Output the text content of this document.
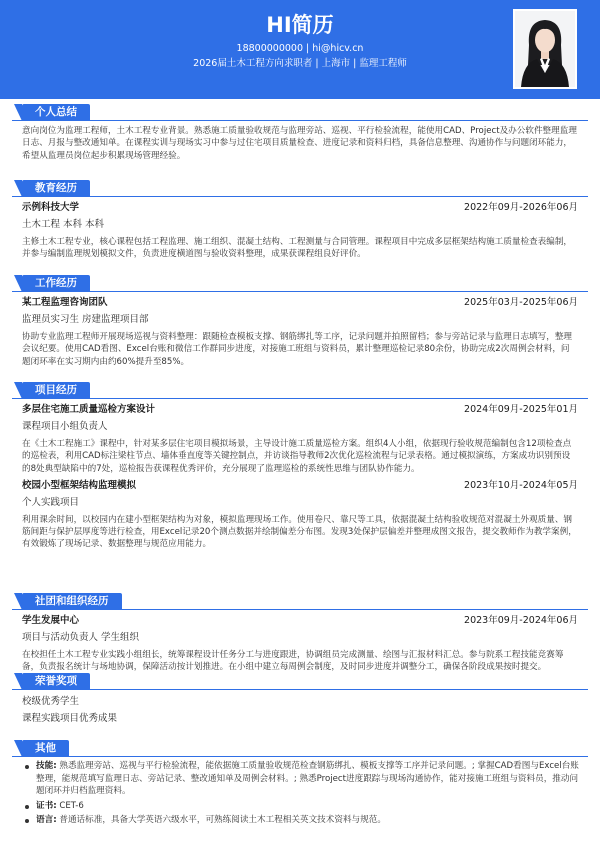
HI简历
18800000000 | hi@hicv.cn
2026届土木工程方向求职者 | 上海市 | 监理工程师
个人总结
意向岗位为监理工程师，土木工程专业背景。熟悉施工质量验收规范与监理旁站、巡视、平行检验流程，能使用CAD、Project及办公软件整理监理日志、月报与整改通知单。在课程实训与现场实习中参与过住宅项目质量检查、进度记录和资料归档，具备信息整理、沟通协作与问题闭环能力，希望从监理员岗位起步积累现场管理经验。
教育经历
示例科技大学	2022年09月-2026年06月
土木工程 本科 本科
主修土木工程专业，核心课程包括工程监理、施工组织、混凝土结构、工程测量与合同管理。课程项目中完成多层框架结构施工质量检查表编制，并参与编制监理规划模拟文件，负责进度横道图与验收资料整理，成果获课程组良好评价。
工作经历
某工程监理咨询团队	2025年03月-2025年06月
监理员实习生 房建监理项目部
协助专业监理工程师开展现场巡视与资料整理：跟随检查模板支撑、钢筋绑扎等工序，记录问题并拍照留档；参与旁站记录与监理日志填写，整理会议纪要。使用CAD看图、Excel台账和微信工作群同步进度，对接施工班组与资料员，累计整理巡检记录80余份，协助完成2次周例会材料，问题闭环率在实习期内由约60%提升至85%。
项目经历
多层住宅施工质量巡检方案设计	2024年09月-2025年01月
课程项目小组负责人
在《土木工程施工》课程中，针对某多层住宅项目模拟场景，主导设计施工质量巡检方案。组织4人小组，依据现行验收规范编制包含12项检查点的巡检表，利用CAD标注梁柱节点、墙体垂直度等关键控制点，并访谈指导教师2次优化巡检流程与记录表格。通过模拟演练，方案成功识别预设的8处典型缺陷中的7处，巡检报告获课程优秀评价，充分展现了监理巡检的系统性思维与团队协作能力。
校园小型框架结构监理模拟	2023年10月-2024年05月
个人实践项目
利用课余时间，以校园内在建小型框架结构为对象，模拟监理现场工作。使用卷尺、靠尺等工具，依据混凝土结构验收规范对混凝土外观质量、钢筋间距与保护层厚度等进行检查，用Excel记录20个测点数据并绘制偏差分布图。发现3处保护层偏差并整理成图文报告，提交教师作为教学案例，有效锻炼了现场记录、数据整理与规范应用能力。
社团和组织经历
学生发展中心	2023年09月-2024年06月
项目与活动负责人 学生组织
在校担任土木工程专业实践小组组长，统筹课程设计任务分工与进度跟进，协调组员完成测量、绘图与汇报材料汇总。参与院系工程技能竞赛筹备，负责报名统计与场地协调，保障活动按计划推进。在小组中建立每周例会制度，及时同步进度并调整分工，确保各阶段成果按时提交。
荣誉奖项
校级优秀学生
课程实践项目优秀成果
其他
技能: 熟悉监理旁站、巡视与平行检验流程，能依据施工质量验收规范检查钢筋绑扎、模板支撑等工序并记录问题。; 掌握CAD看图与Excel台账整理，能规范填写监理日志、旁站记录、整改通知单及周例会材料。; 熟悉Project进度跟踪与现场沟通协作，能对接施工班组与资料员，推动问题闭环并归档监理资料。
证书: CET-6
语言: 普通话标准，具备大学英语六级水平，可熟练阅读土木工程相关英文技术资料与规范。
